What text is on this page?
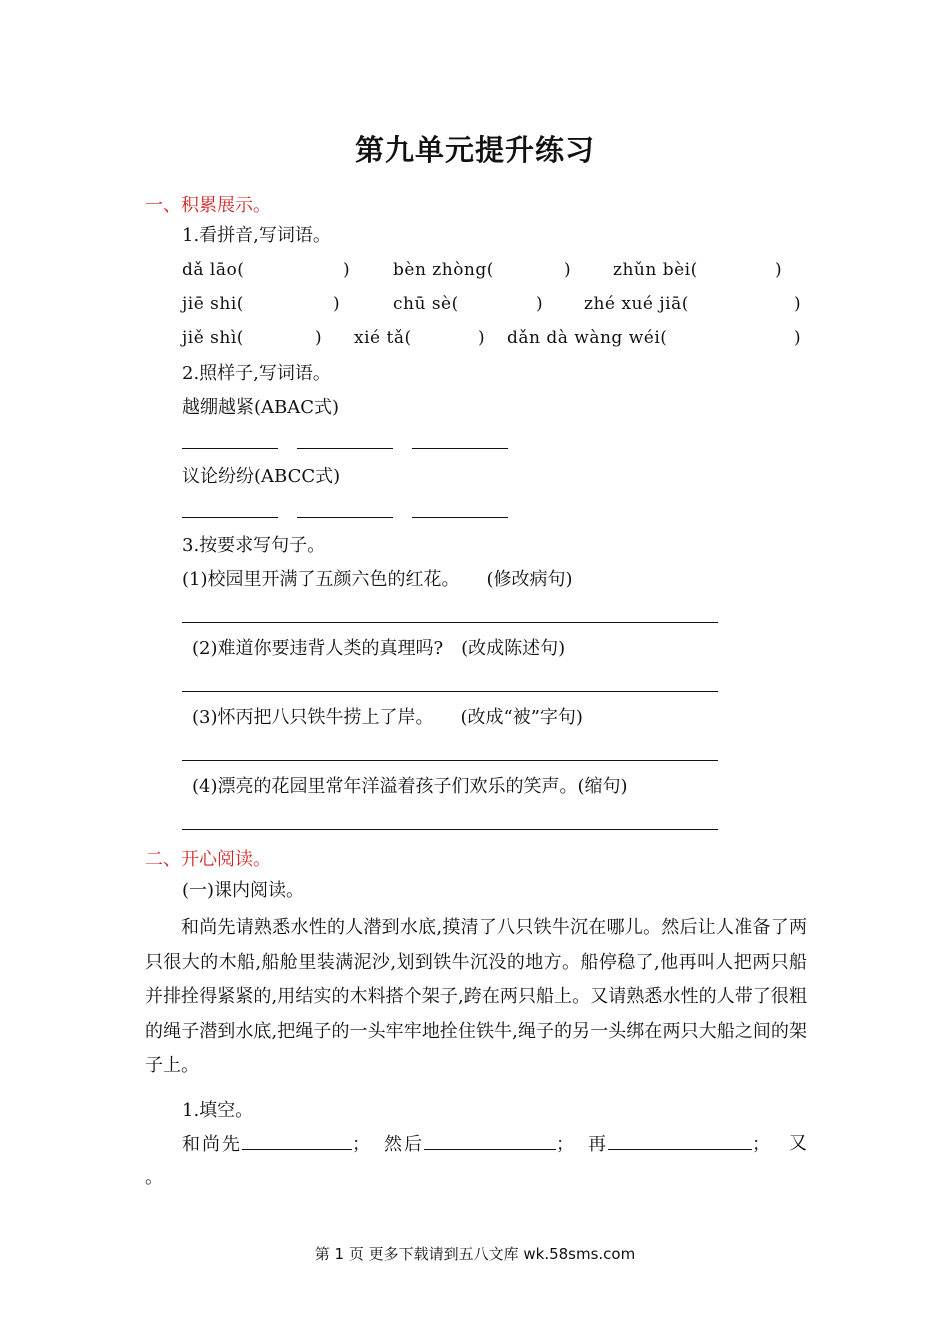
第九单元提升练习
一、积累展示。
1.看拼音,写词语。
dǎ lāo(	)	bèn zhòng(	) zhǔn bèi(	)
jiē shi(	)	chū sè(	) zhé xué jiā(	)
jiě shì(	) xié tǎ(	) dǎn dà wàng wéi(	)
2.照样子,写词语。
越绷越紧(ABAC式)
议论纷纷(ABCC式)
3.按要求写句子。
(1)校园里开满了五颜六色的红花。　　(修改病句)
(2)难道你要违背人类的真理吗?　(改成陈述句)
(3)怀丙把八只铁牛捞上了岸。　　(改成“被”字句)
(4)漂亮的花园里常年洋溢着孩子们欢乐的笑声。(缩句)
二、开心阅读。
(一)课内阅读。
和尚先请熟悉水性的人潜到水底,摸清了八只铁牛沉在哪儿。然后让人准备了两只很大的木船,船舱里装满泥沙,划到铁牛沉没的地方。船停稳了,他再叫人把两只船并排拴得紧紧的,用结实的木料搭个架子,跨在两只船上。又请熟悉水性的人带了很粗的绳子潜到水底,把绳子的一头牢牢地拴住铁牛,绳子的另一头绑在两只大船之间的架子上。
1.填空。
和尚先	； 然后	； 再	； 又
。
第 1 页 更多下载请到五八文库 wk.58sms.com
